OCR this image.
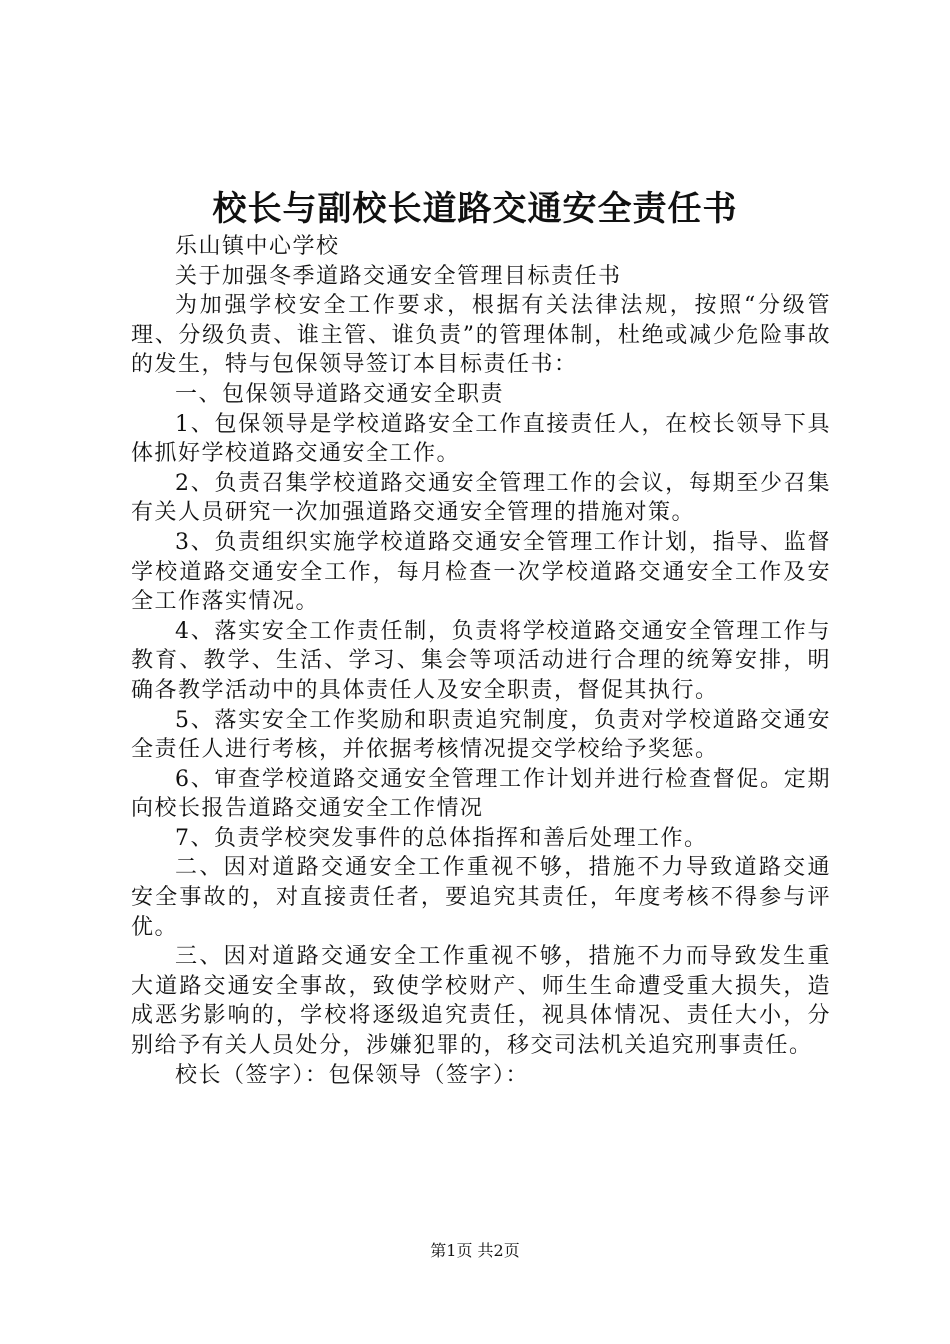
校长与副校长道路交通安全责任书

乐山镇中心学校

关于加强冬季道路交通安全管理目标责任书

为加强学校安全工作要求，根据有关法律法规，按照“分级管理、分级负责、谁主管、谁负责”的管理体制，杜绝或减少危险事故的发生，特与包保领导签订本目标责任书：

一、包保领导道路交通安全职责

1、包保领导是学校道路安全工作直接责任人，在校长领导下具体抓好学校道路交通安全工作。

2、负责召集学校道路交通安全管理工作的会议，每期至少召集有关人员研究一次加强道路交通安全管理的措施对策。

3、负责组织实施学校道路交通安全管理工作计划，指导、监督学校道路交通安全工作，每月检查一次学校道路交通安全工作及安全工作落实情况。

4、落实安全工作责任制，负责将学校道路交通安全管理工作与教育、教学、生活、学习、集会等项活动进行合理的统筹安排，明确各教学活动中的具体责任人及安全职责，督促其执行。

5、落实安全工作奖励和职责追究制度，负责对学校道路交通安全责任人进行考核，并依据考核情况提交学校给予奖惩。

6、审查学校道路交通安全管理工作计划并进行检查督促。定期向校长报告道路交通安全工作情况

7、负责学校突发事件的总体指挥和善后处理工作。

二、因对道路交通安全工作重视不够，措施不力导致道路交通安全事故的，对直接责任者，要追究其责任，年度考核不得参与评优。

三、因对道路交通安全工作重视不够，措施不力而导致发生重大道路交通安全事故，致使学校财产、师生生命遭受重大损失，造成恶劣影响的，学校将逐级追究责任，视具体情况、责任大小，分别给予有关人员处分，涉嫌犯罪的，移交司法机关追究刑事责任。

校长（签字）：包保领导（签字）：

第1页 共2页
